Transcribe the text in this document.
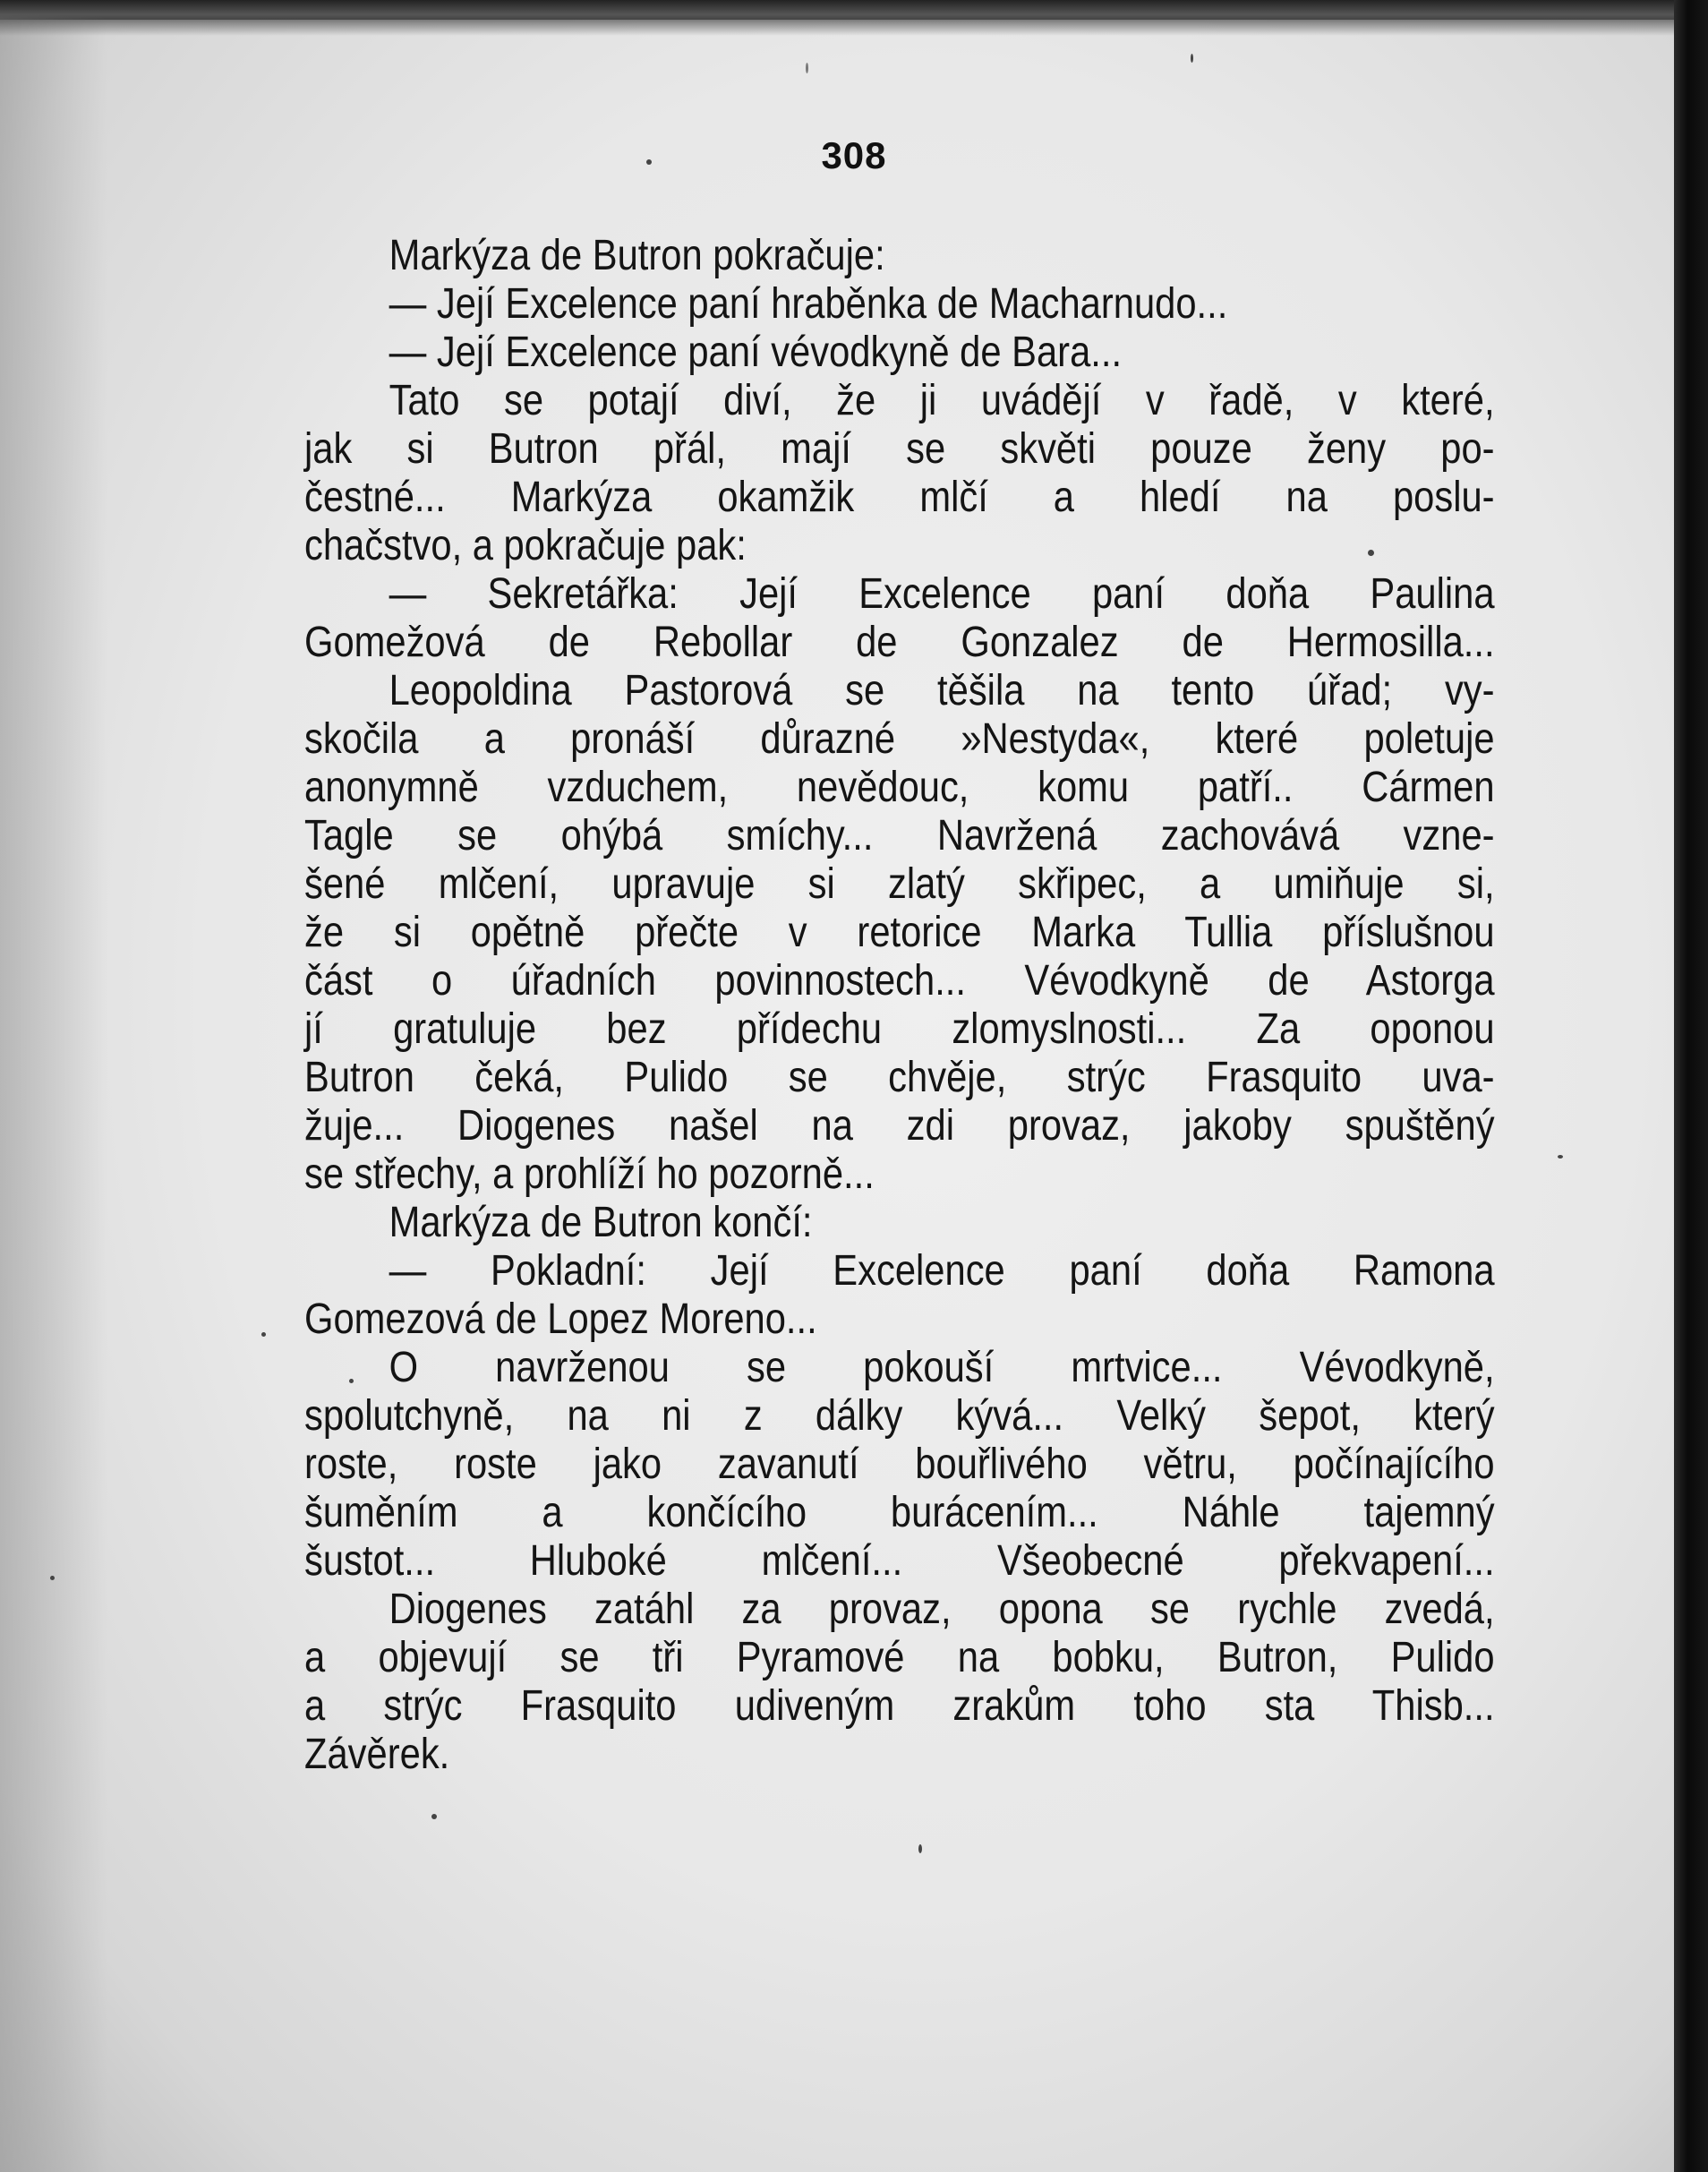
308
Markýza de Butron pokračuje:
— Její Excelence paní hraběnka de Macharnudo...
— Její Excelence paní vévodkyně de Bara...
Tato se potají diví, že ji uvádějí v řadě, v které,
jak si Butron přál, mají se skvěti pouze ženy po-
čestné... Markýza okamžik mlčí a hledí na poslu-
chačstvo, a pokračuje pak:
— Sekretářka: Její Excelence paní doňa Paulina
Gomežová de Rebollar de Gonzalez de Hermosilla...
Leopoldina Pastorová se těšila na tento úřad; vy-
skočila a pronáší důrazné »Nestyda«, které poletuje
anonymně vzduchem, nevědouc, komu patří.. Cármen
Tagle se ohýbá smíchy... Navržená zachovává vzne-
šené mlčení, upravuje si zlatý skřipec, a umiňuje si,
že si opětně přečte v retorice Marka Tullia příslušnou
část o úřadních povinnostech... Vévodkyně de Astorga
jí gratuluje bez přídechu zlomyslnosti... Za oponou
Butron čeká, Pulido se chvěje, strýc Frasquito uva-
žuje... Diogenes našel na zdi provaz, jakoby spuštěný
se střechy, a prohlíží ho pozorně...
Markýza de Butron končí:
— Pokladní: Její Excelence paní doňa Ramona
Gomezová de Lopez Moreno...
O navrženou se pokouší mrtvice... Vévodkyně,
spolutchyně, na ni z dálky kývá... Velký šepot, který
roste, roste jako zavanutí bouřlivého větru, počínajícího
šuměním a končícího burácením... Náhle tajemný
šustot... Hluboké mlčení... Všeobecné překvapení...
Diogenes zatáhl za provaz, opona se rychle zvedá,
a objevují se tři Pyramové na bobku, Butron, Pulido
a strýc Frasquito udiveným zrakům toho sta Thisb...
Závěrek.
